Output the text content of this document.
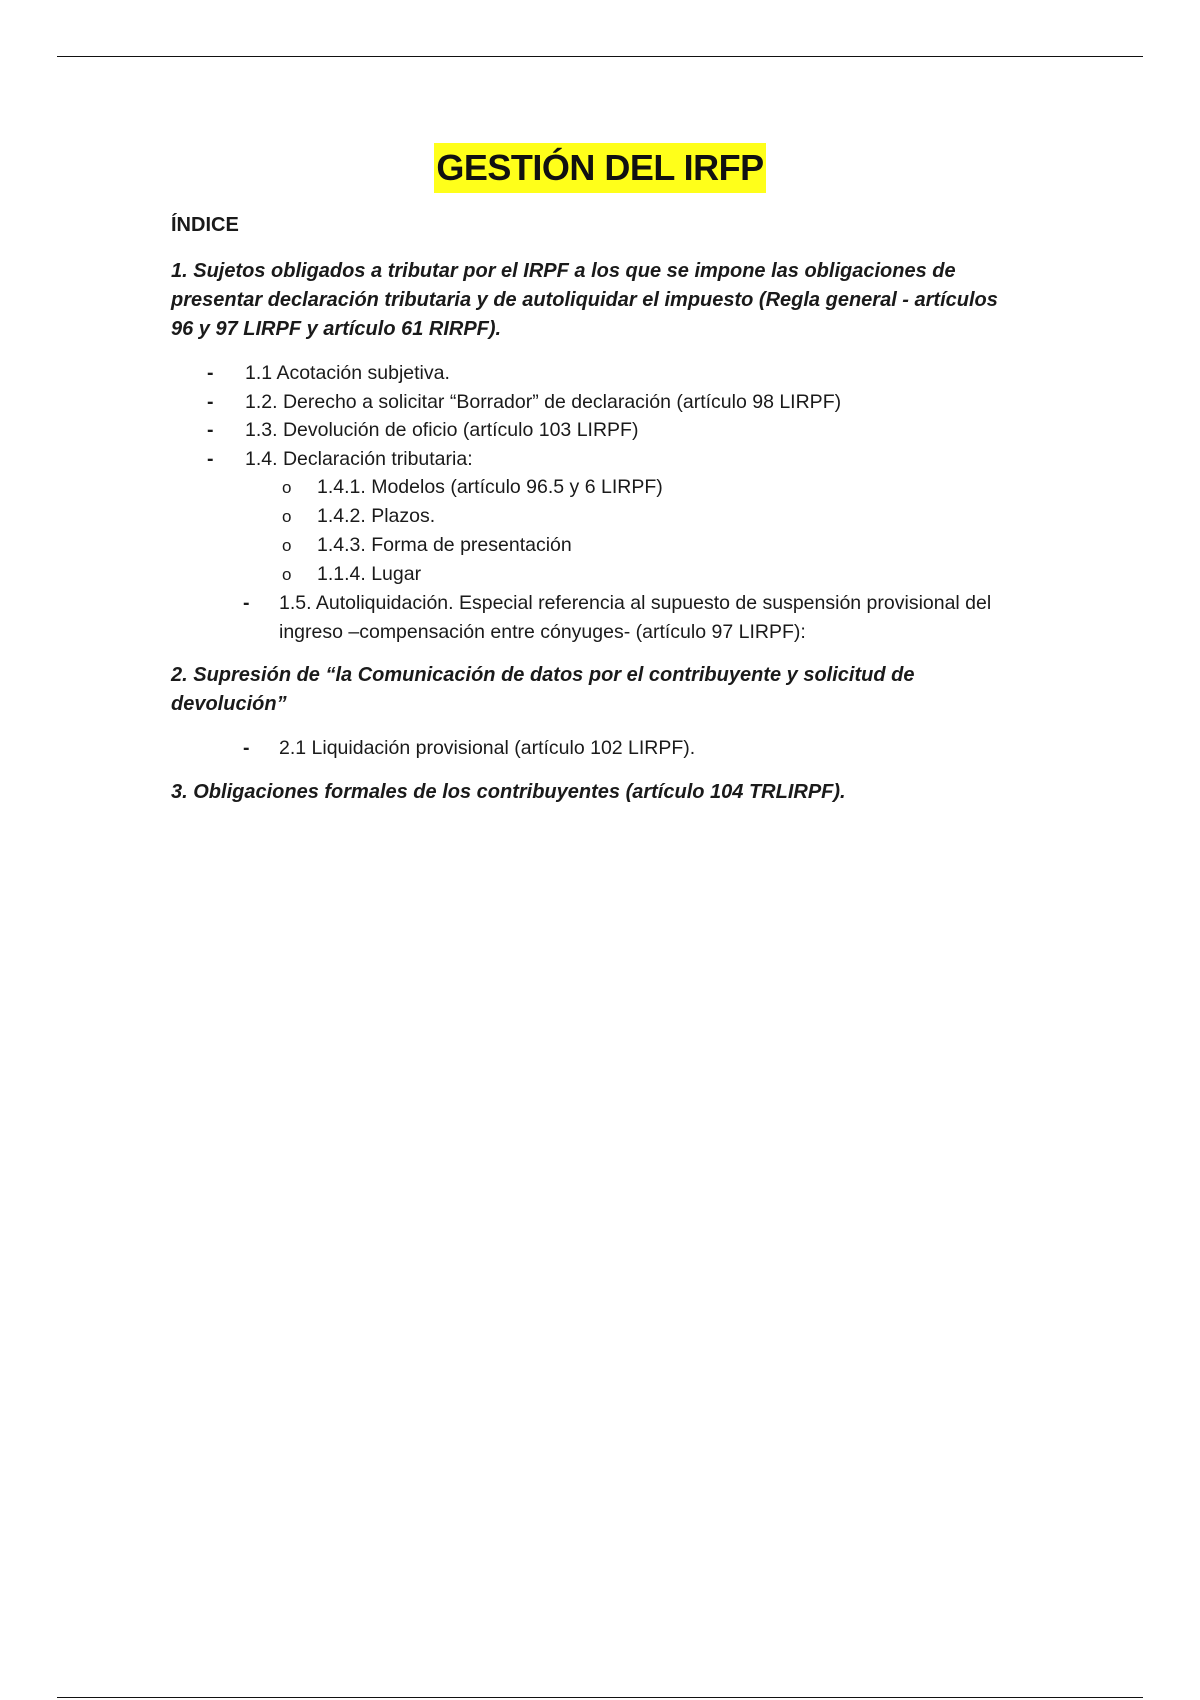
GESTIÓN DEL IRFP
ÍNDICE
1. Sujetos obligados a tributar por el IRPF a los que se impone las obligaciones de presentar declaración tributaria y de autoliquidar el impuesto (Regla general - artículos 96 y 97 LIRPF y artículo 61 RIRPF).
- 1.1 Acotación subjetiva.
- 1.2. Derecho a solicitar “Borrador” de declaración (artículo 98 LIRPF)
- 1.3. Devolución de oficio (artículo 103 LIRPF)
- 1.4. Declaración tributaria:
o 1.4.1. Modelos (artículo 96.5 y 6 LIRPF)
o 1.4.2. Plazos.
o 1.4.3. Forma de presentación
o 1.1.4. Lugar
- 1.5. Autoliquidación. Especial referencia al supuesto de suspensión provisional del ingreso –compensación entre cónyuges- (artículo 97 LIRPF):
2. Supresión de “la Comunicación de datos por el contribuyente y solicitud de devolución”
- 2.1 Liquidación provisional (artículo 102 LIRPF).
3. Obligaciones formales de los contribuyentes (artículo 104 TRLIRPF).
